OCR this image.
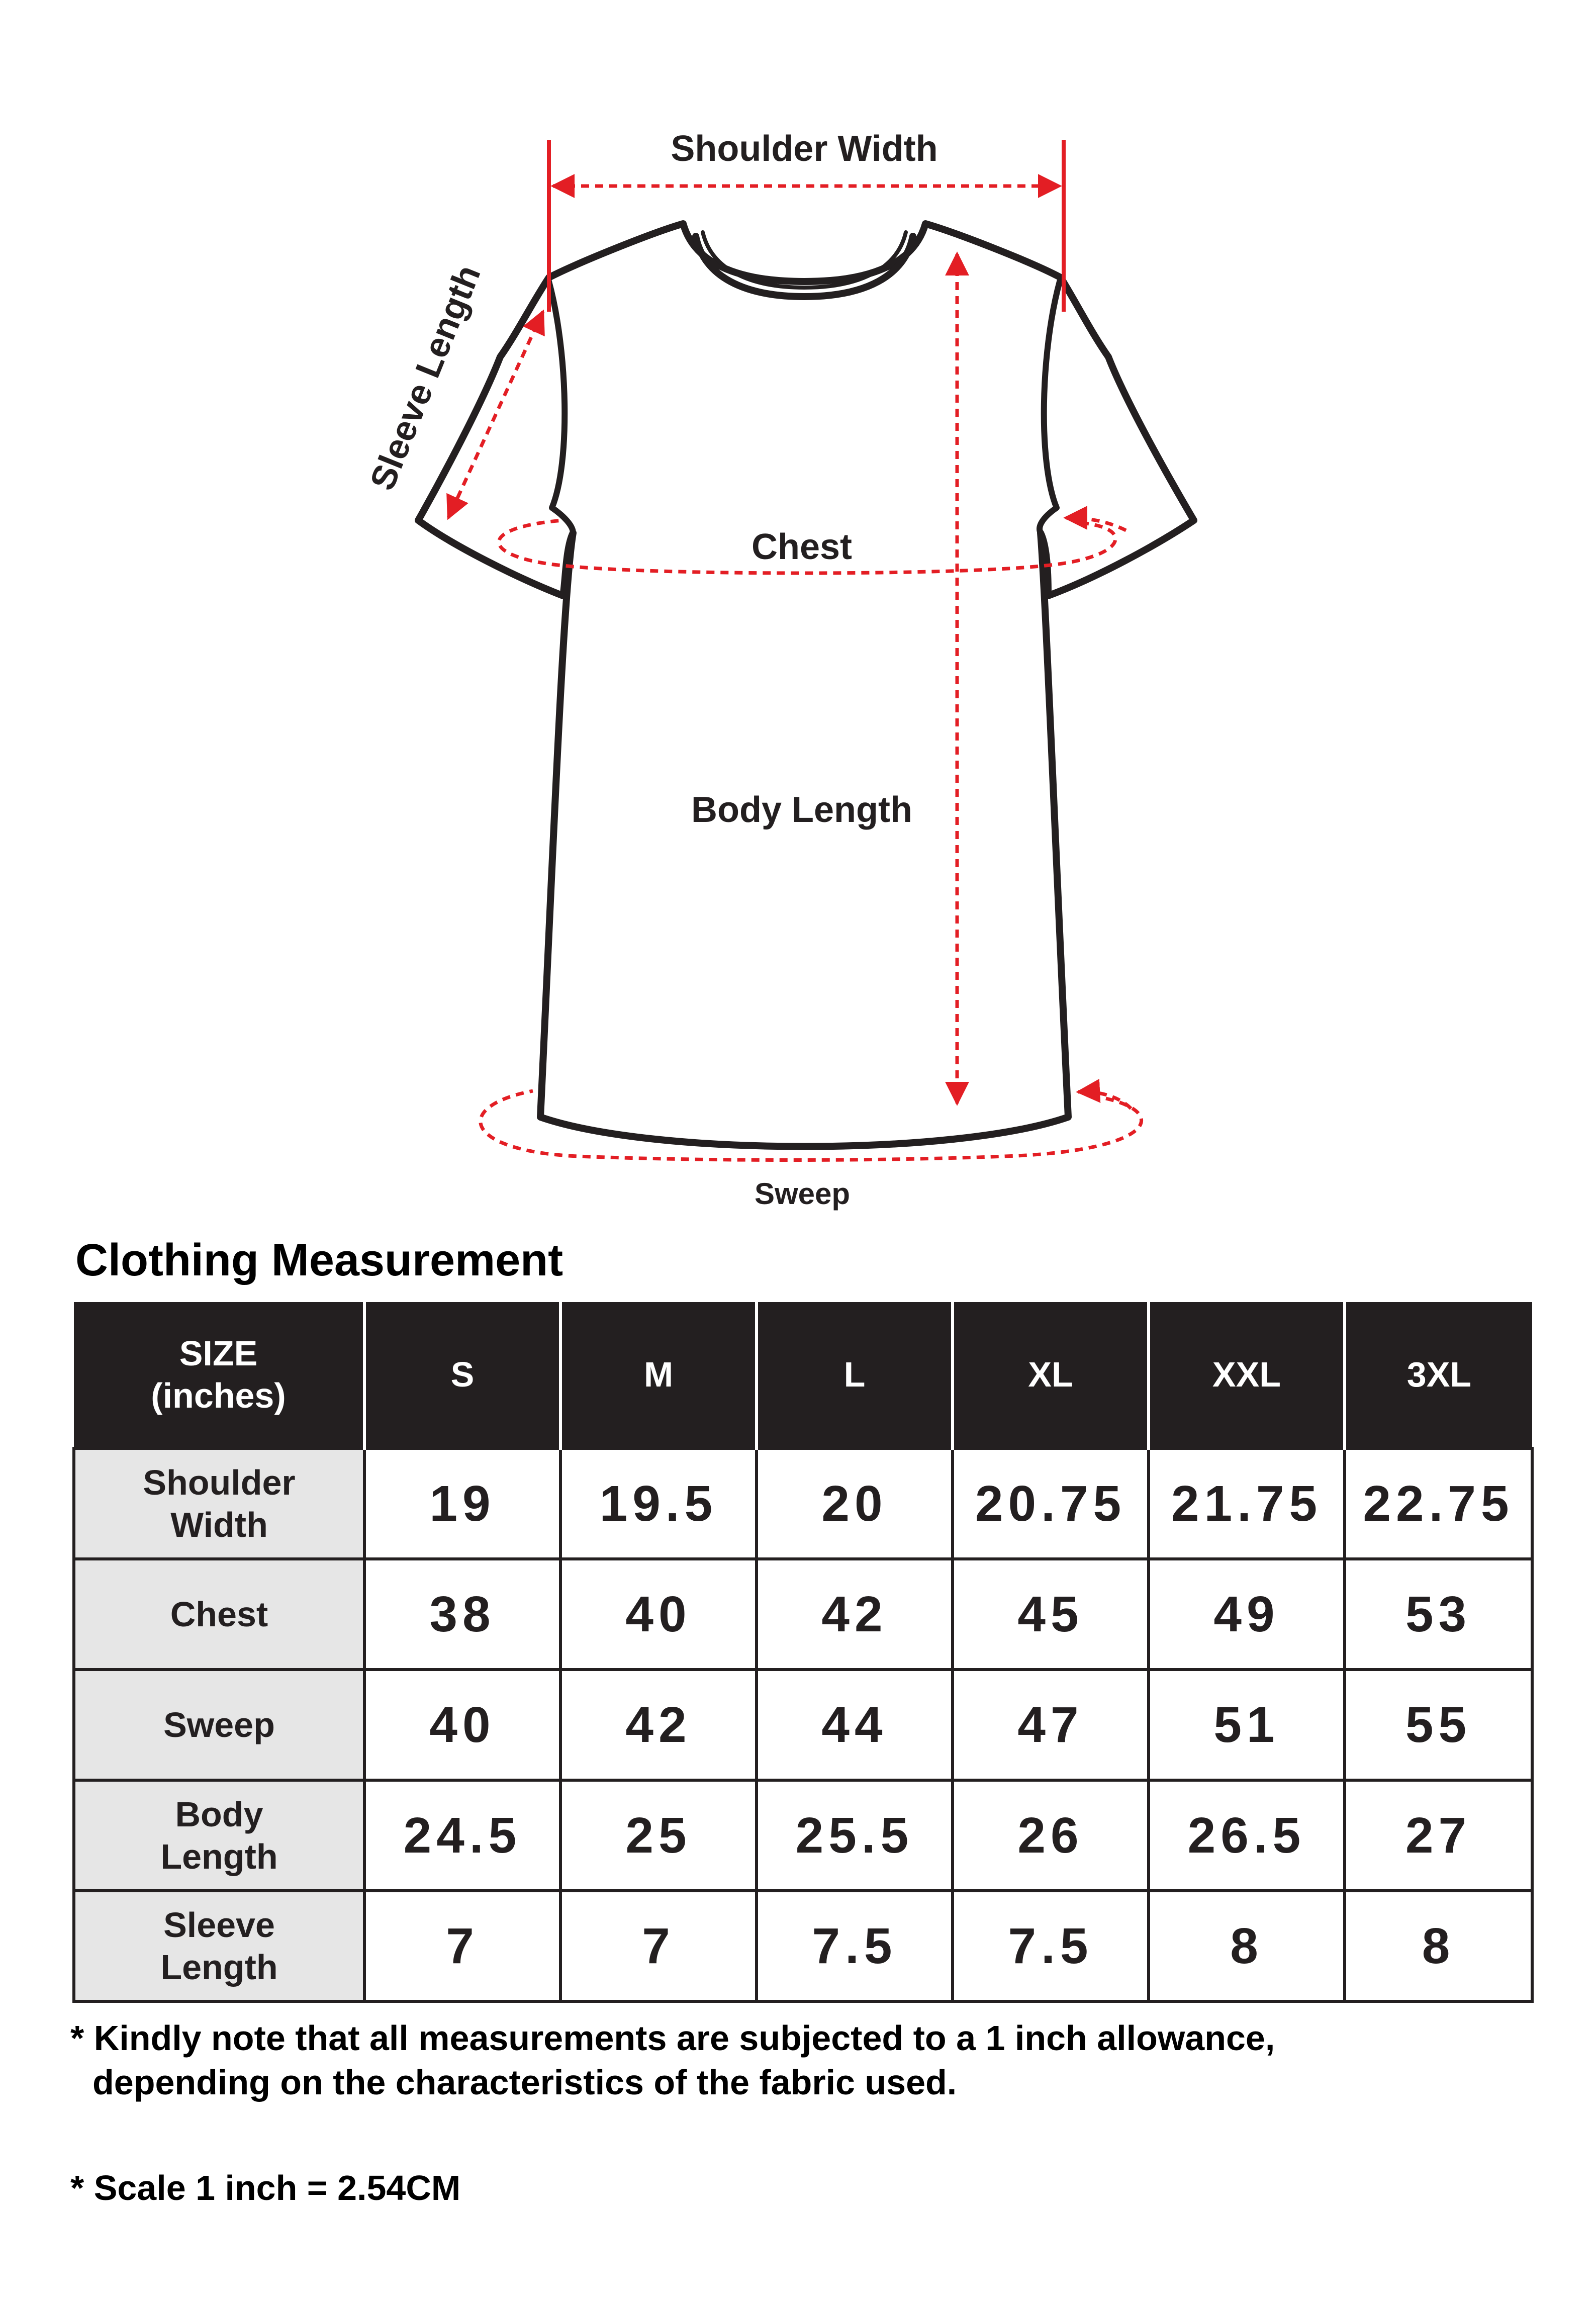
Shoulder Width
Sleeve Length
Chest
Body Length
Sweep
Clothing Measurement
SIZE
(inches)	S	M	L	XL	XXL	3XL
Shoulder
Width	19	19.5	20	20.75	21.75	22.75
Chest	38	40	42	45	49	53
Sweep	40	42	44	47	51	55
Body
Length	24.5	25	25.5	26	26.5	27
Sleeve
Length	7	7	7.5	7.5	8	8

* Kindly note that all measurements are subjected to a 1 inch allowance,
depending on the characteristics of the fabric used.

* Scale 1 inch = 2.54CM
